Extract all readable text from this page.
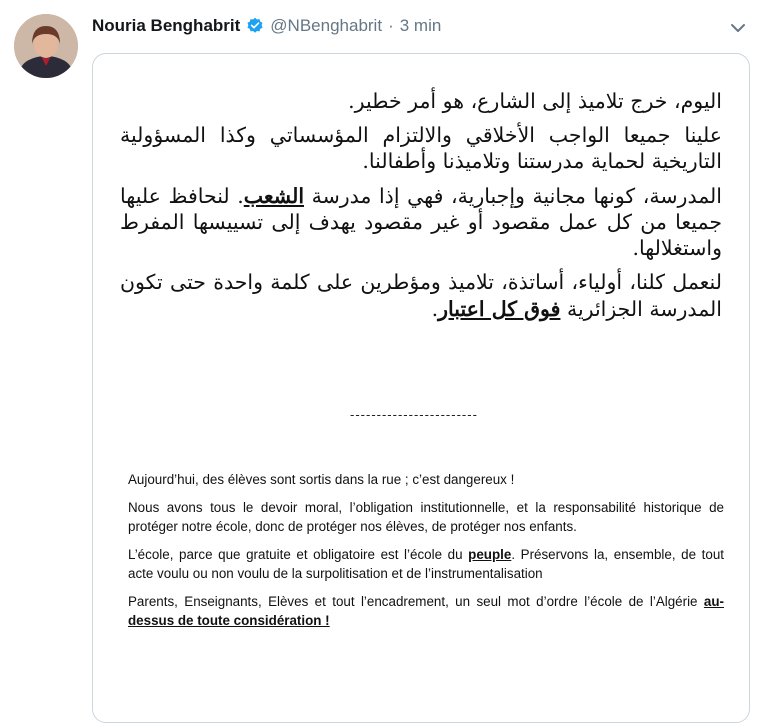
Nouria Benghabrit @NBenghabrit · 3 min

اليوم، خرج تلاميذ إلى الشارع، هو أمر خطير.

علينا جميعا الواجب الأخلاقي والالتزام المؤسساتي وكذا المسؤولية التاريخية لحماية مدرستنا وتلاميذنا وأطفالنا.

المدرسة، كونها مجانية وإجبارية، فهي إذا مدرسة الشعب. لنحافظ عليها جميعا من كل عمل مقصود أو غير مقصود يهدف إلى تسييسها المفرط واستغلالها.

لنعمل كلنا، أولياء، أساتذة، تلاميذ ومؤطرين على كلمة واحدة حتى تكون المدرسة الجزائرية فوق كل اعتبار.

------------------------

Aujourd’hui, des élèves sont sortis dans la rue ; c’est dangereux !

Nous avons tous le devoir moral, l’obligation institutionnelle, et la responsabilité historique de protéger notre école, donc de protéger nos élèves, de protéger nos enfants.

L’école, parce que gratuite et obligatoire est l’école du peuple. Préservons la, ensemble, de tout acte voulu ou non voulu de la surpolitisation et de l’instrumentalisation

Parents, Enseignants, Elèves et tout l’encadrement, un seul mot d’ordre l’école de l’Algérie au-dessus de toute considération !
